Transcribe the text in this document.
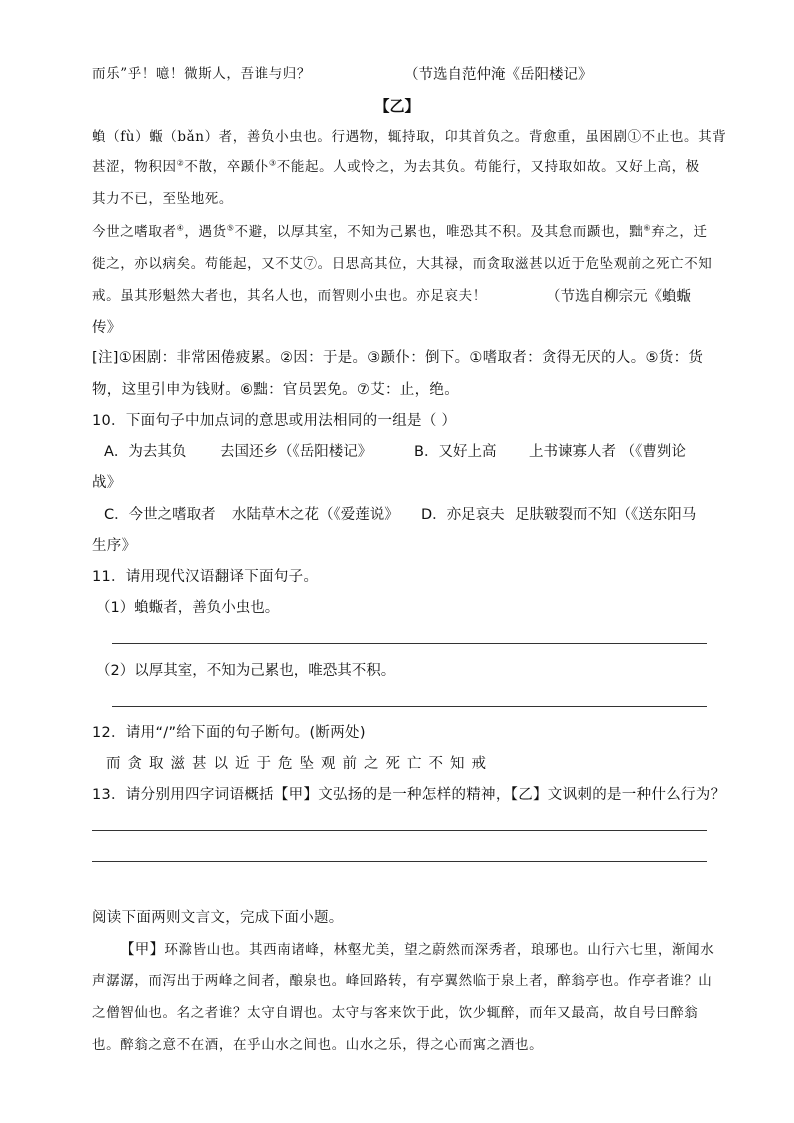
而乐”乎！噫！微斯人，吾谁与归？	（节选自范仲淹《岳阳楼记》
【乙】
蝜（fù）蝂（bǎn）者，善负小虫也。行遇物，辄持取，卬其首负之。背愈重，虽困剧①不止也。其背
甚涩，物积因②不散，卒踬仆③不能起。人或怜之，为去其负。苟能行，又持取如故。又好上高，极
其力不已，至坠地死。
今世之嗜取者④，遇货⑤不避，以厚其室，不知为己累也，唯恐其不积。及其怠而踬也，黜⑥弃之，迁
徙之，亦以病矣。苟能起，又不艾⑦。日思高其位，大其禄，而贪取滋甚以近于危坠观前之死亡不知
戒。虽其形魁然大者也，其名人也，而智则小虫也。亦足哀夫！	（节选自柳宗元《蝜蝂
传》
[注]①困剧：非常困倦疲累。②因：于是。③踬仆：倒下。①嗜取者：贪得无厌的人。⑤货：货
物，这里引申为钱财。⑥黜：官员罢免。⑦艾：止，绝。
10．下面句子中加点词的意思或用法相同的一组是（ ）
A．为去其负 去国还乡（《岳阳楼记》	B．又好上高 上书谏寡人者 （《曹刿论
战》
C．今世之嗜取者 水陆草木之花（《爱莲说》 D．亦足哀夫 足肤皲裂而不知（《送东阳马
生序》
11．请用现代汉语翻译下面句子。
（1）蝜蝂者，善负小虫也。
（2）以厚其室，不知为己累也，唯恐其不积。
12．请用“/”给下面的句子断句。(断两处)
而贪取滋甚以近于危坠观前之死亡不知戒
13．请分别用四字词语概括【甲】文弘扬的是一种怎样的精神，【乙】文讽刺的是一种什么行为？
阅读下面两则文言文，完成下面小题。
【甲】环滁皆山也。其西南诸峰，林壑尤美，望之蔚然而深秀者，琅琊也。山行六七里，渐闻水
声潺潺，而泻出于两峰之间者，酿泉也。峰回路转，有亭翼然临于泉上者，醉翁亭也。作亭者谁？山
之僧智仙也。名之者谁？太守自谓也。太守与客来饮于此，饮少辄醉，而年又最高，故自号曰醉翁
也。醉翁之意不在酒，在乎山水之间也。山水之乐，得之心而寓之酒也。
